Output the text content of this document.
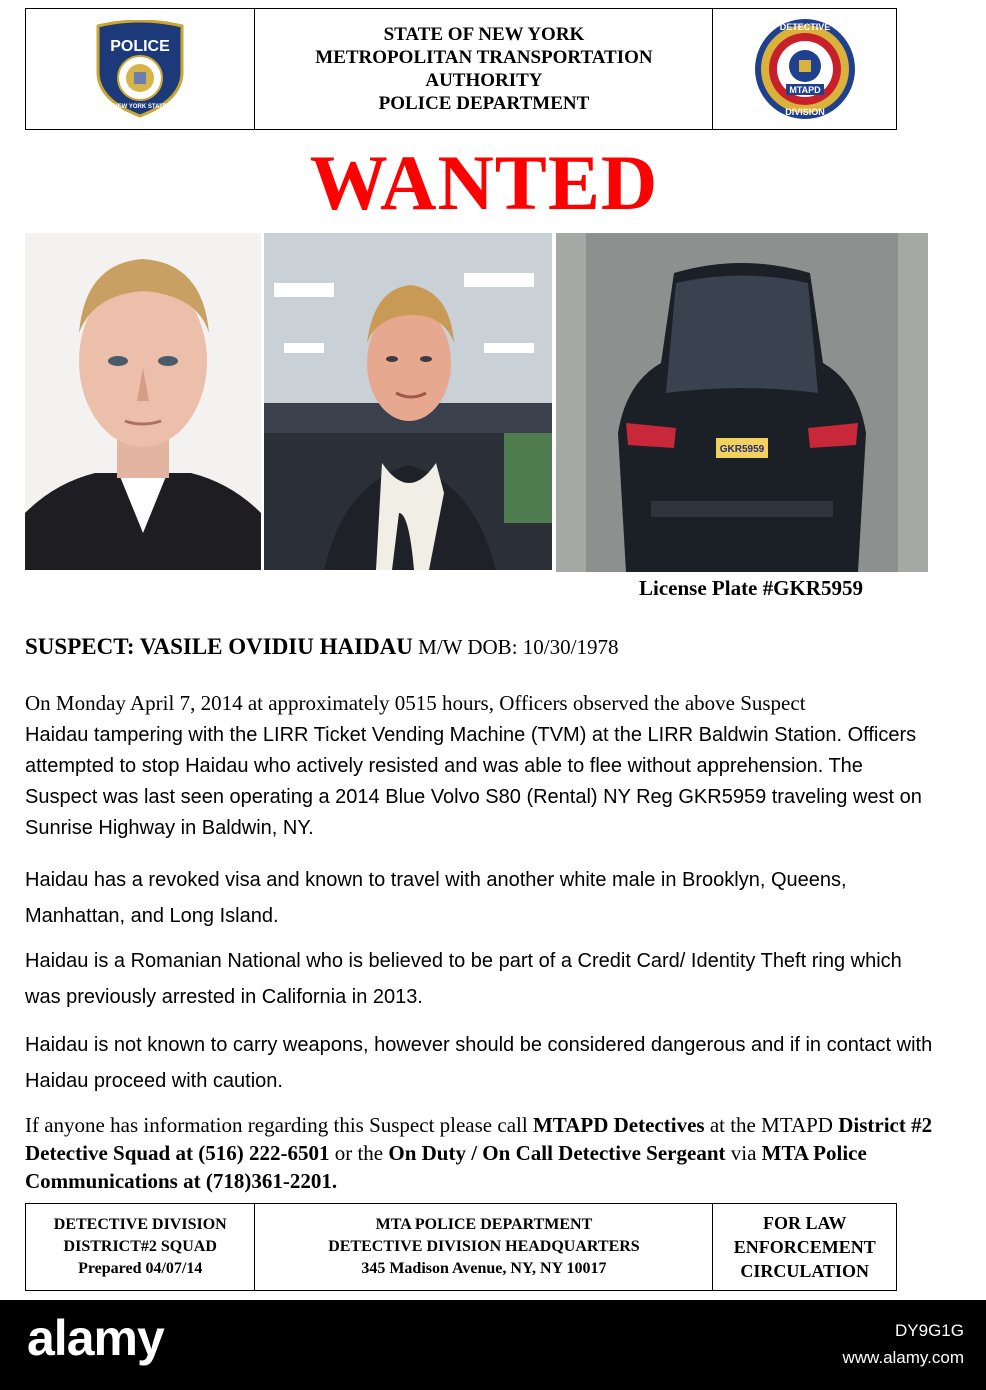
POLICE
NEW YORK STATE
STATE OF NEW YORK
METROPOLITAN TRANSPORTATION
AUTHORITY
POLICE DEPARTMENT
MTAPD
DETECTIVE
DIVISION
WANTED
GKR5959
License Plate #GKR5959
SUSPECT: VASILE OVIDIU HAIDAU M/W DOB: 10/30/1978
On Monday April 7, 2014 at approximately 0515 hours, Officers observed the above Suspect
Haidau tampering with the LIRR Ticket Vending Machine (TVM) at the LIRR Baldwin Station. Officers attempted to stop Haidau who actively resisted and was able to flee without apprehension. The Suspect was last seen operating a 2014 Blue Volvo S80 (Rental) NY Reg GKR5959 traveling west on Sunrise Highway in Baldwin, NY.
Haidau has a revoked visa and known to travel with another white male in Brooklyn, Queens, Manhattan, and Long Island.
Haidau is a Romanian National who is believed to be part of a Credit Card/ Identity Theft ring which was previously arrested in California in 2013.
Haidau is not known to carry weapons, however should be considered dangerous and if in contact with Haidau proceed with caution.
If anyone has information regarding this Suspect please call MTAPD Detectives at the MTAPD District #2 Detective Squad at (516) 222-6501 or the On Duty / On Call Detective Sergeant via MTA Police Communications at (718)361-2201.
DETECTIVE DIVISION
DISTRICT#2 SQUAD
Prepared 04/07/14
MTA POLICE DEPARTMENT
DETECTIVE DIVISION HEADQUARTERS
345 Madison Avenue, NY, NY 10017
FOR LAW
ENFORCEMENT
CIRCULATION
alamy	DY9G1G
www.alamy.com
